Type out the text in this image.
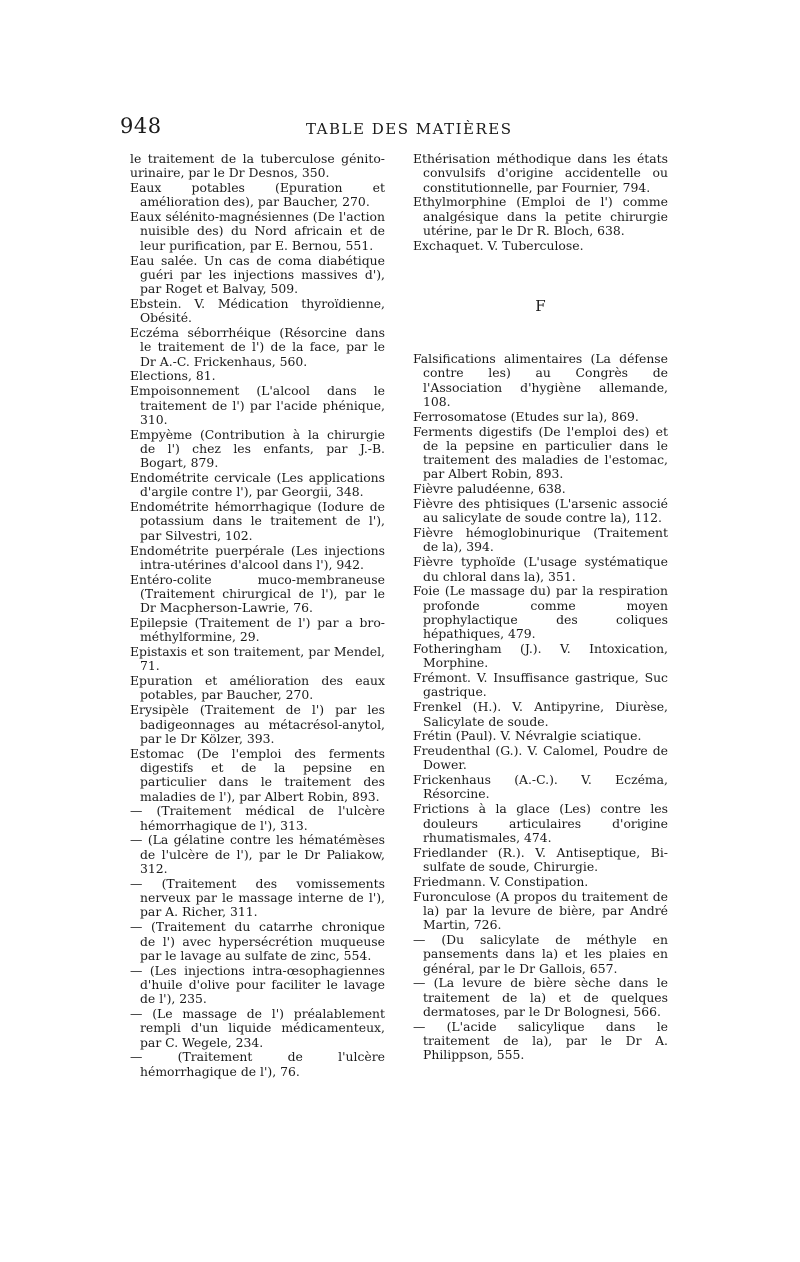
948	TABLE DES MATIÈRES

le traitement de la tuberculose génito-urinaire, par le Dr Desnos, 350.

Eaux potables (Epuration et amélioration des), par Baucher, 270.

Eaux sélénito-magnésiennes (De l'action nuisible des) du Nord africain et de leur purification, par E. Bernou, 551.

Eau salée. Un cas de coma diabétique guéri par les injections massives d'), par Roget et Balvay, 509.

Ebstein. V. Médication thyroïdienne, Obésité.

Eczéma séborrhéique (Résorcine dans le traitement de l') de la face, par le Dr A.-C. Frickenhaus, 560.

Elections, 81.

Empoisonnement (L'alcool dans le traitement de l') par l'acide phénique, 310.

Empyème (Contribution à la chirurgie de l') chez les enfants, par J.-B. Bogart, 879.

Endométrite cervicale (Les applications d'argile contre l'), par Georgii, 348.

Endométrite hémorrhagique (Iodure de potassium dans le traitement de l'), par Silvestri, 102.

Endométrite puerpérale (Les injections intra-utérines d'alcool dans l'), 942.

Entéro-colite muco-membraneuse (Traitement chirurgical de l'), par le Dr Macpherson-Lawrie, 76.

Epilepsie (Traitement de l') par a bro-méthylformine, 29.

Epistaxis et son traitement, par Mendel, 71.

Epuration et amélioration des eaux potables, par Baucher, 270.

Erysipèle (Traitement de l') par les badigeonnages au métacrésol-anytol, par le Dr Kölzer, 393.

Estomac (De l'emploi des ferments digestifs et de la pepsine en particulier dans le traitement des maladies de l'), par Albert Robin, 893.

— (Traitement médical de l'ulcère hémorrhagique de l'), 313.

— (La gélatine contre les hématémèses de l'ulcère de l'), par le Dr Paliakow, 312.

— (Traitement des vomissements nerveux par le massage interne de l'), par A. Richer, 311.

— (Traitement du catarrhe chronique de l') avec hypersécrétion muqueuse par le lavage au sulfate de zinc, 554.

— (Les injections intra-œsophagiennes d'huile d'olive pour faciliter le lavage de l'), 235.

— (Le massage de l') préalablement rempli d'un liquide médicamenteux, par C. Wegele, 234.

— (Traitement de l'ulcère hémorrhagique de l'), 76.

Ethérisation méthodique dans les états convulsifs d'origine accidentelle ou constitutionnelle, par Fournier, 794.

Ethylmorphine (Emploi de l') comme analgésique dans la petite chirurgie utérine, par le Dr R. Bloch, 638.

Exchaquet. V. Tuberculose.

F

Falsifications alimentaires (La défense contre les) au Congrès de l'Association d'hygiène allemande, 108.

Ferrosomatose (Etudes sur la), 869.

Ferments digestifs (De l'emploi des) et de la pepsine en particulier dans le traitement des maladies de l'estomac, par Albert Robin, 893.

Fièvre paludéenne, 638.

Fièvre des phtisiques (L'arsenic associé au salicylate de soude contre la), 112.

Fièvre hémoglobinurique (Traitement de la), 394.

Fièvre typhoïde (L'usage systématique du chloral dans la), 351.

Foie (Le massage du) par la respiration profonde comme moyen prophylactique des coliques hépathiques, 479.

Fotheringham (J.). V. Intoxication, Morphine.

Frémont. V. Insuffisance gastrique, Suc gastrique.

Frenkel (H.). V. Antipyrine, Diurèse, Salicylate de soude.

Frétin (Paul). V. Névralgie sciatique.

Freudenthal (G.). V. Calomel, Poudre de Dower.

Frickenhaus (A.-C.). V. Eczéma, Résorcine.

Frictions à la glace (Les) contre les douleurs articulaires d'origine rhumatismales, 474.

Friedlander (R.). V. Antiseptique, Bi-sulfate de soude, Chirurgie.

Friedmann. V. Constipation.

Furonculose (A propos du traitement de la) par la levure de bière, par André Martin, 726.

— (Du salicylate de méthyle en pansements dans la) et les plaies en général, par le Dr Gallois, 657.

— (La levure de bière sèche dans le traitement de la) et de quelques dermatoses, par le Dr Bolognesi, 566.

— (L'acide salicylique dans le traitement de la), par le Dr A. Philippson, 555.
